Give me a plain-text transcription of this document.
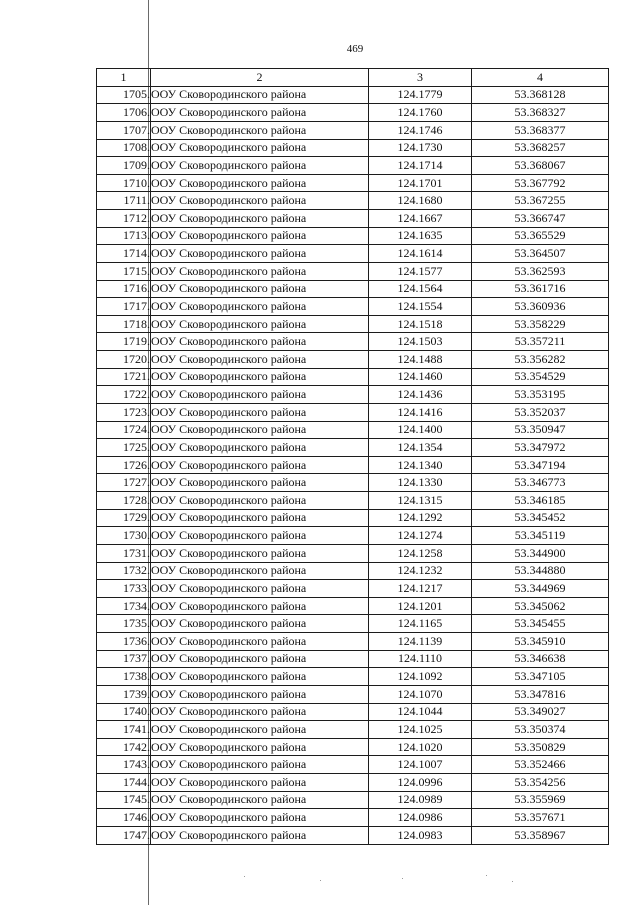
469
1	2	3	4
1705.	ООУ Сковородинского района	124.1779	53.368128
1706.	ООУ Сковородинского района	124.1760	53.368327
1707.	ООУ Сковородинского района	124.1746	53.368377
1708.	ООУ Сковородинского района	124.1730	53.368257
1709.	ООУ Сковородинского района	124.1714	53.368067
1710.	ООУ Сковородинского района	124.1701	53.367792
1711.	ООУ Сковородинского района	124.1680	53.367255
1712.	ООУ Сковородинского района	124.1667	53.366747
1713.	ООУ Сковородинского района	124.1635	53.365529
1714.	ООУ Сковородинского района	124.1614	53.364507
1715.	ООУ Сковородинского района	124.1577	53.362593
1716.	ООУ Сковородинского района	124.1564	53.361716
1717.	ООУ Сковородинского района	124.1554	53.360936
1718.	ООУ Сковородинского района	124.1518	53.358229
1719.	ООУ Сковородинского района	124.1503	53.357211
1720.	ООУ Сковородинского района	124.1488	53.356282
1721.	ООУ Сковородинского района	124.1460	53.354529
1722.	ООУ Сковородинского района	124.1436	53.353195
1723.	ООУ Сковородинского района	124.1416	53.352037
1724.	ООУ Сковородинского района	124.1400	53.350947
1725.	ООУ Сковородинского района	124.1354	53.347972
1726.	ООУ Сковородинского района	124.1340	53.347194
1727.	ООУ Сковородинского района	124.1330	53.346773
1728.	ООУ Сковородинского района	124.1315	53.346185
1729.	ООУ Сковородинского района	124.1292	53.345452
1730.	ООУ Сковородинского района	124.1274	53.345119
1731.	ООУ Сковородинского района	124.1258	53.344900
1732.	ООУ Сковородинского района	124.1232	53.344880
1733.	ООУ Сковородинского района	124.1217	53.344969
1734.	ООУ Сковородинского района	124.1201	53.345062
1735.	ООУ Сковородинского района	124.1165	53.345455
1736.	ООУ Сковородинского района	124.1139	53.345910
1737.	ООУ Сковородинского района	124.1110	53.346638
1738.	ООУ Сковородинского района	124.1092	53.347105
1739.	ООУ Сковородинского района	124.1070	53.347816
1740.	ООУ Сковородинского района	124.1044	53.349027
1741.	ООУ Сковородинского района	124.1025	53.350374
1742.	ООУ Сковородинского района	124.1020	53.350829
1743.	ООУ Сковородинского района	124.1007	53.352466
1744.	ООУ Сковородинского района	124.0996	53.354256
1745.	ООУ Сковородинского района	124.0989	53.355969
1746.	ООУ Сковородинского района	124.0986	53.357671
1747.	ООУ Сковородинского района	124.0983	53.358967
